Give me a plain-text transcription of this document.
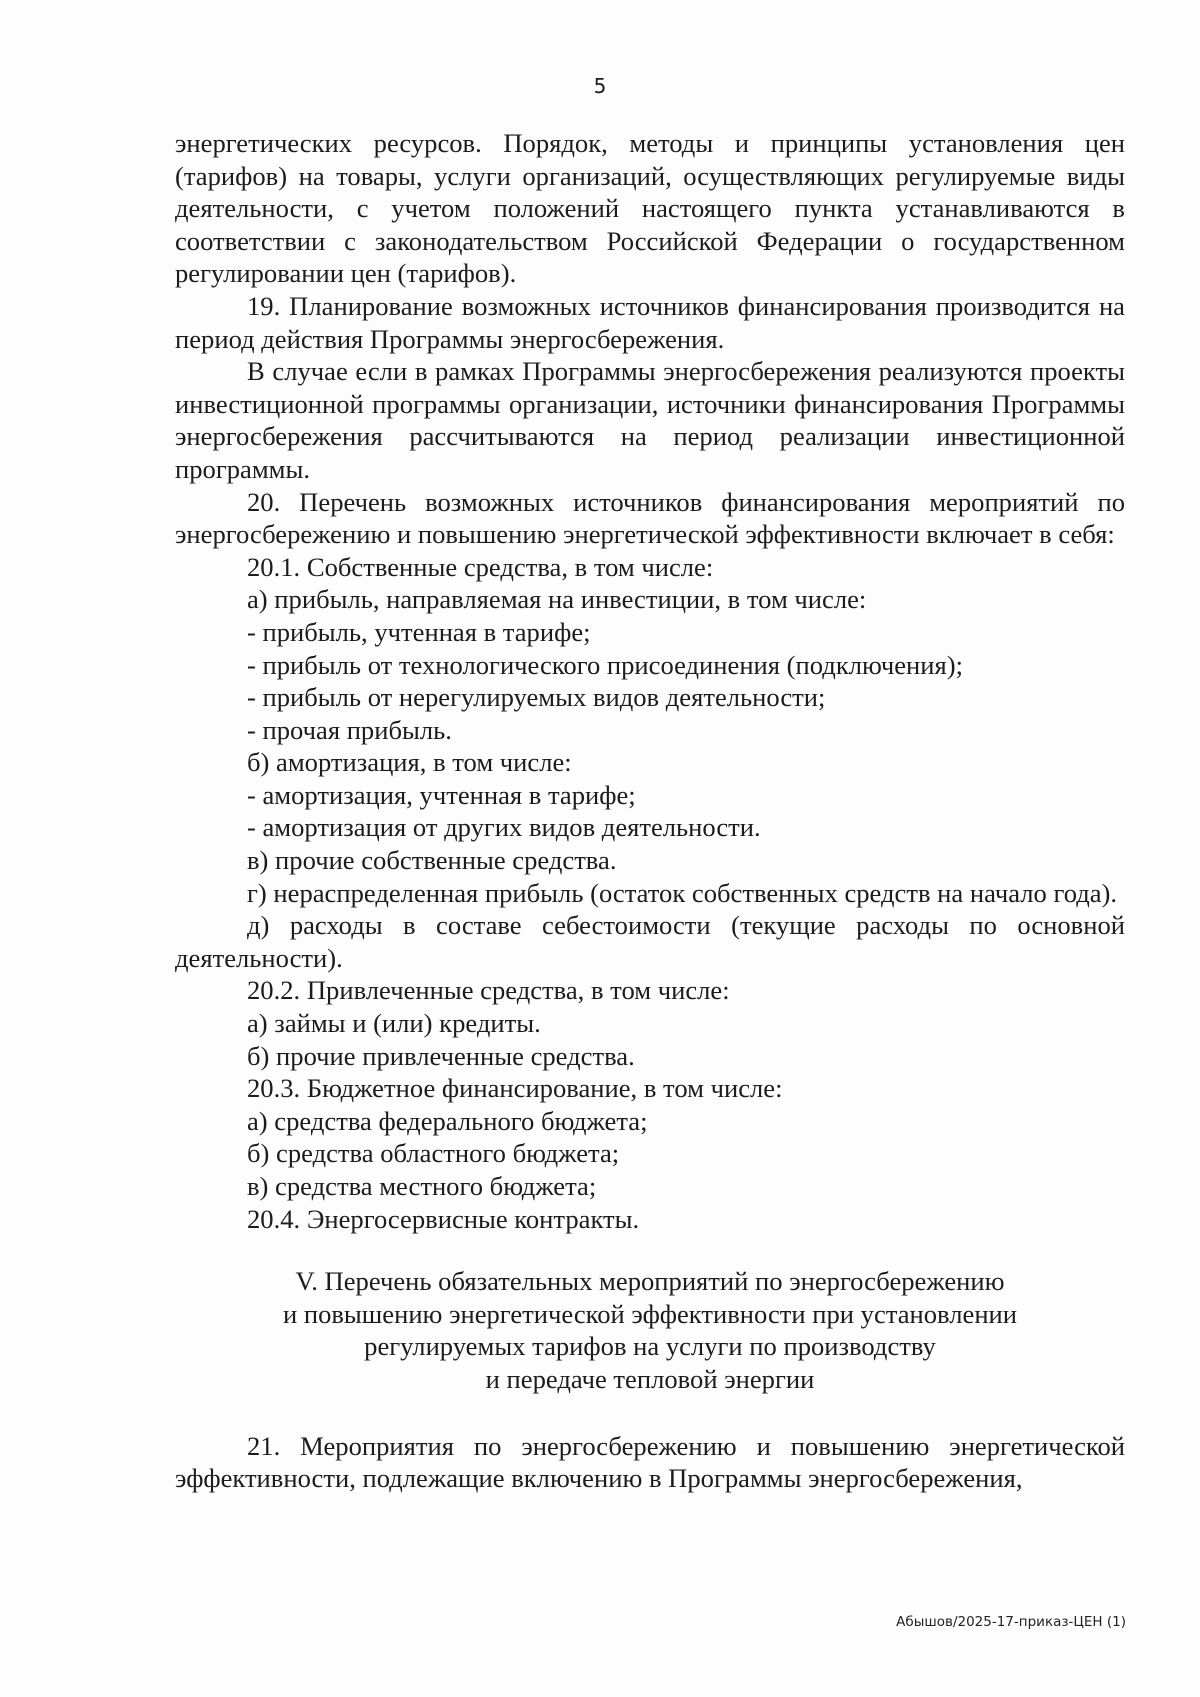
5

энергетических ресурсов. Порядок, методы и принципы установления цен (тарифов) на товары, услуги организаций, осуществляющих регулируемые виды деятельности, с учетом положений настоящего пункта устанавливаются в соответствии с законодательством Российской Федерации о государственном регулировании цен (тарифов).

19. Планирование возможных источников финансирования производится на период действия Программы энергосбережения.

В случае если в рамках Программы энергосбережения реализуются проекты инвестиционной программы организации, источники финансирования Программы энергосбережения рассчитываются на период реализации инвестиционной программы.

20. Перечень возможных источников финансирования мероприятий по энергосбережению и повышению энергетической эффективности включает в себя:

20.1. Собственные средства, в том числе:

а) прибыль, направляемая на инвестиции, в том числе:

- прибыль, учтенная в тарифе;

- прибыль от технологического присоединения (подключения);

- прибыль от нерегулируемых видов деятельности;

- прочая прибыль.

б) амортизация, в том числе:

- амортизация, учтенная в тарифе;

- амортизация от других видов деятельности.

в) прочие собственные средства.

г) нераспределенная прибыль (остаток собственных средств на начало года).

д) расходы в составе себестоимости (текущие расходы по основной деятельности).

20.2. Привлеченные средства, в том числе:

а) займы и (или) кредиты.

б) прочие привлеченные средства.

20.3. Бюджетное финансирование, в том числе:

а) средства федерального бюджета;

б) средства областного бюджета;

в) средства местного бюджета;

20.4. Энергосервисные контракты.

V. Перечень обязательных мероприятий по энергосбережению

и повышению энергетической эффективности при установлении

регулируемых тарифов на услуги по производству

и передаче тепловой энергии

21. Мероприятия по энергосбережению и повышению энергетической эффективности, подлежащие включению в Программы энергосбережения,

Абышов/2025-17-приказ-ЦЕН (1)
